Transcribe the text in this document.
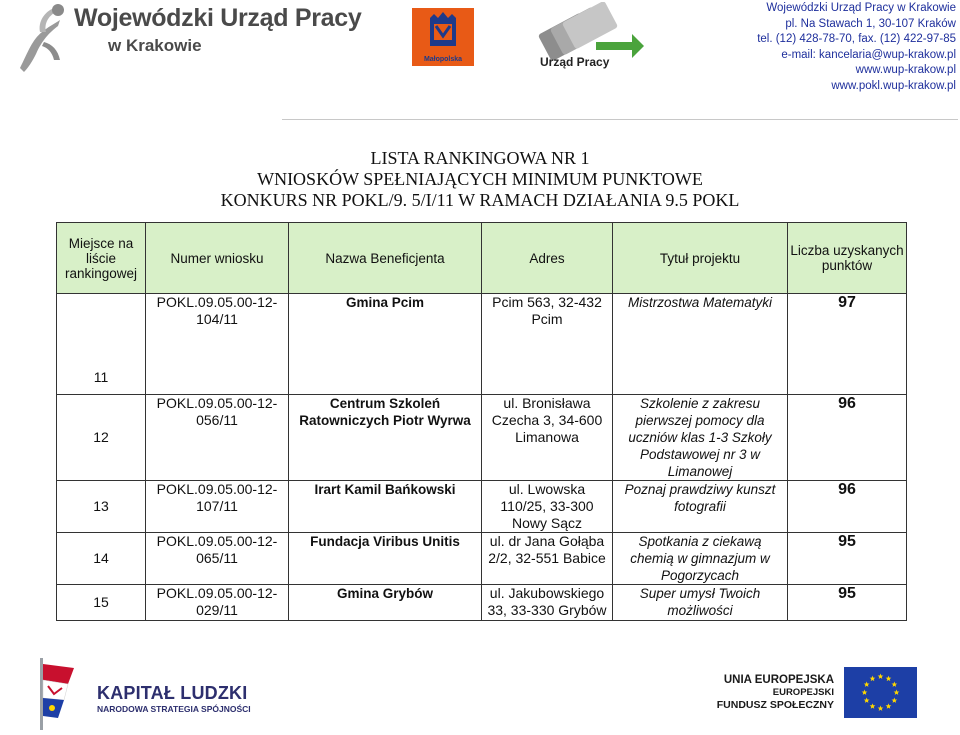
Wojewódzki Urząd Pracy
w Krakowie
Małopolska	Urząd Pracy
Wojewódzki Urząd Pracy w Krakowie
pl. Na Stawach 1, 30-107 Kraków
tel. (12) 428-78-70, fax. (12) 422-97-85
e-mail: kancelaria@wup-krakow.pl
www.wup-krakow.pl
www.pokl.wup-krakow.pl
LISTA RANKINGOWA NR 1
WNIOSKÓW SPEŁNIAJĄCYCH MINIMUM PUNKTOWE
KONKURS NR POKL/9. 5/I/11 W RAMACH DZIAŁANIA 9.5 POKL
Miejsce na liście rankingowej	Numer wniosku	Nazwa Beneficjenta	Adres	Tytuł projektu	Liczba uzyskanych punktów
11	POKL.09.05.00-12-
104/11	Gmina Pcim	Pcim 563, 32-432
Pcim	Mistrzostwa Matematyki	97
12	POKL.09.05.00-12-
056/11	Centrum Szkoleń
Ratowniczych Piotr Wyrwa	ul. Bronisława
Czecha 3, 34-600
Limanowa	Szkolenie z zakresu
pierwszej pomocy dla
uczniów klas 1-3 Szkoły
Podstawowej nr 3 w
Limanowej	96
13	POKL.09.05.00-12-
107/11	Irart Kamil Bańkowski	ul. Lwowska
110/25, 33-300
Nowy Sącz	Poznaj prawdziwy kunszt
fotografii	96
14	POKL.09.05.00-12-
065/11	Fundacja Viribus Unitis	ul. dr Jana Gołąba
2/2, 32-551 Babice	Spotkania z ciekawą
chemią w gimnazjum w
Pogorzycach	95
15	POKL.09.05.00-12-
029/11	Gmina Grybów	ul. Jakubowskiego
33, 33-330 Grybów	Super umysł Twoich
możliwości	95
KAPITAŁ LUDZKI
NARODOWA STRATEGIA SPÓJNOŚCI
UNIA EUROPEJSKA
EUROPEJSKI
FUNDUSZ SPOŁECZNY
